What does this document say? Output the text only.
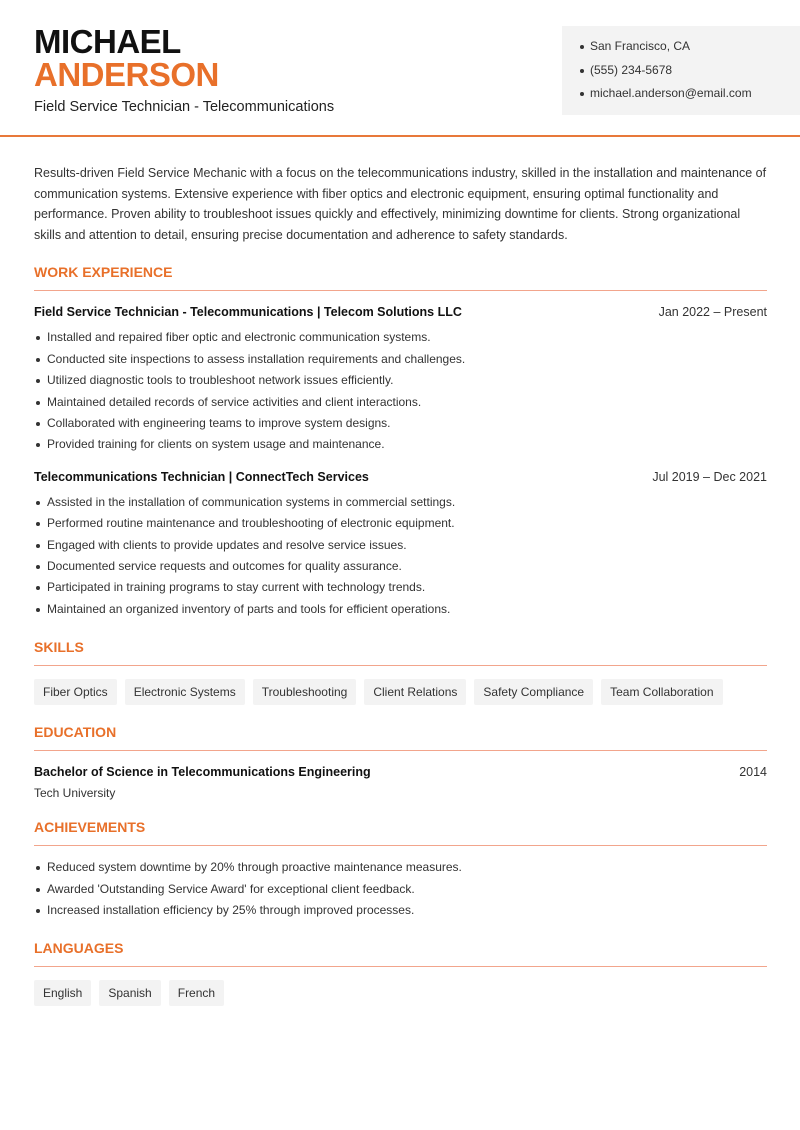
MICHAEL
ANDERSON
Field Service Technician - Telecommunications
San Francisco, CA
(555) 234-5678
michael.anderson@email.com

Results-driven Field Service Mechanic with a focus on the telecommunications industry, skilled in the installation and maintenance of communication systems. Extensive experience with fiber optics and electronic equipment, ensuring optimal functionality and performance. Proven ability to troubleshoot issues quickly and effectively, minimizing downtime for clients. Strong organizational skills and attention to detail, ensuring precise documentation and adherence to safety standards.

WORK EXPERIENCE
Field Service Technician - Telecommunications | Telecom Solutions LLC	Jan 2022 – Present
Installed and repaired fiber optic and electronic communication systems.
Conducted site inspections to assess installation requirements and challenges.
Utilized diagnostic tools to troubleshoot network issues efficiently.
Maintained detailed records of service activities and client interactions.
Collaborated with engineering teams to improve system designs.
Provided training for clients on system usage and maintenance.
Telecommunications Technician | ConnectTech Services	Jul 2019 – Dec 2021
Assisted in the installation of communication systems in commercial settings.
Performed routine maintenance and troubleshooting of electronic equipment.
Engaged with clients to provide updates and resolve service issues.
Documented service requests and outcomes for quality assurance.
Participated in training programs to stay current with technology trends.
Maintained an organized inventory of parts and tools for efficient operations.
SKILLS
Fiber Optics	Electronic Systems	Troubleshooting	Client Relations	Safety Compliance	Team Collaboration
EDUCATION
Bachelor of Science in Telecommunications Engineering	2014
Tech University
ACHIEVEMENTS
Reduced system downtime by 20% through proactive maintenance measures.
Awarded 'Outstanding Service Award' for exceptional client feedback.
Increased installation efficiency by 25% through improved processes.
LANGUAGES
English	Spanish	French
